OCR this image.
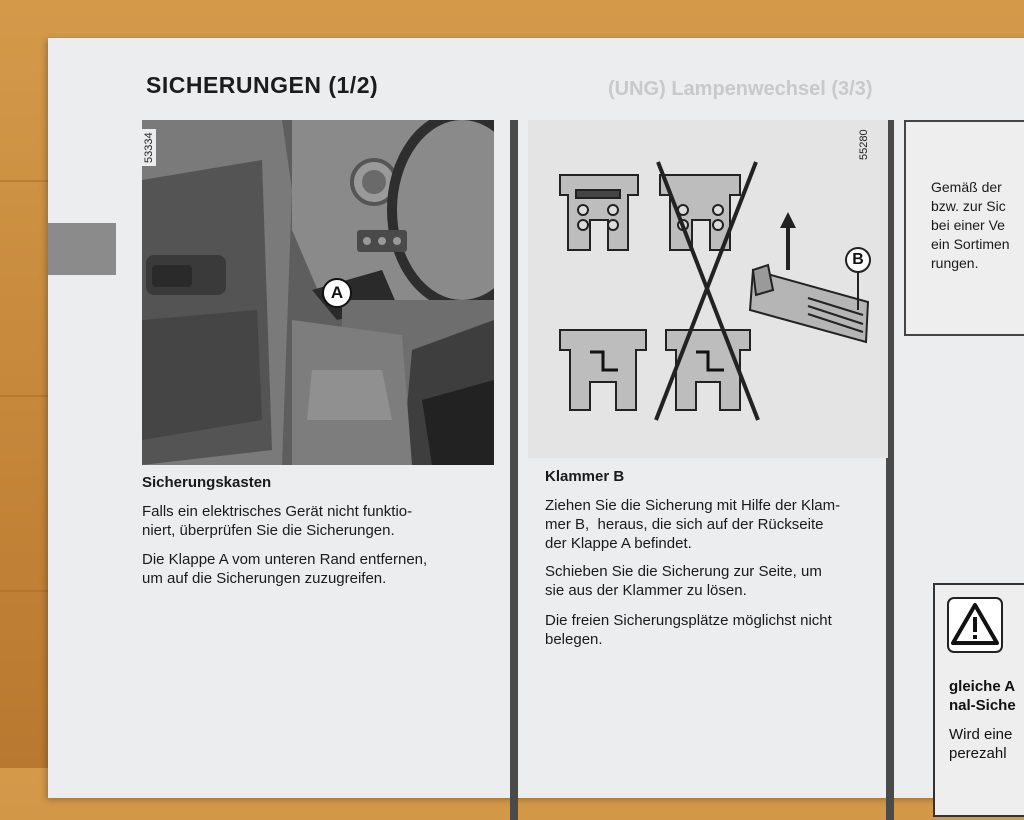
(UNG) Lampenwechsel (3/3)
SICHERUNGEN (1/2)
A
53334
B
55280
Sicherungskasten
Falls ein elektrisches Gerät nicht funktio-
niert, überprüfen Sie die Sicherungen.
Die Klappe A vom unteren Rand entfernen,
um auf die Sicherungen zuzugreifen.
Klammer B
Ziehen Sie die Sicherung mit Hilfe der Klam-
mer B,  heraus, die sich auf der Rückseite
der Klappe A befindet.
Schieben Sie die Sicherung zur Seite, um
sie aus der Klammer zu lösen.
Die freien Sicherungsplätze möglichst nicht
belegen.
Gemäß der
bzw. zur Sic
bei einer Ve
ein Sortimen
rungen.
gleiche A
nal-Siche
Wird eine
perezahl
